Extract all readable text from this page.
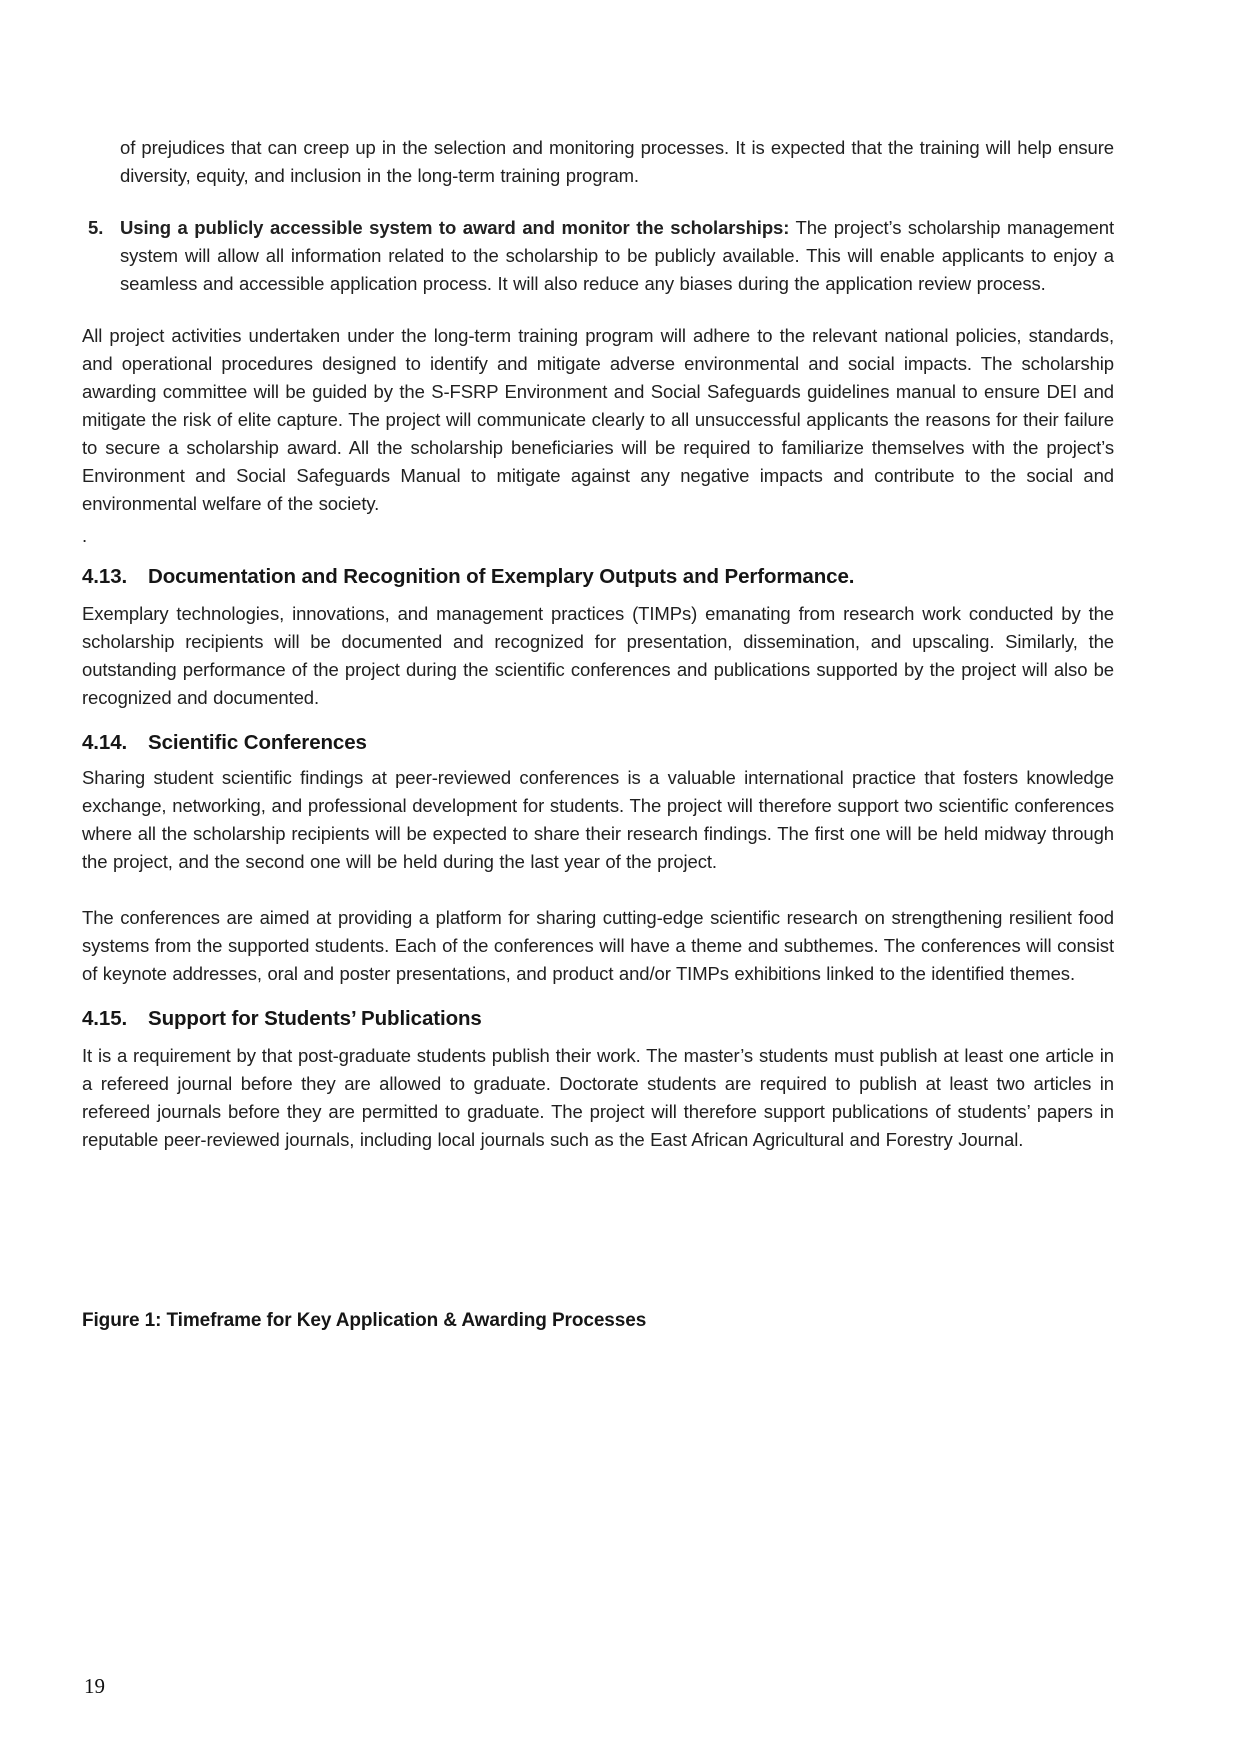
of prejudices that can creep up in the selection and monitoring processes. It is expected that the training will help ensure diversity, equity, and inclusion in the long-term training program.

5. Using a publicly accessible system to award and monitor the scholarships: The project’s scholarship management system will allow all information related to the scholarship to be publicly available. This will enable applicants to enjoy a seamless and accessible application process. It will also reduce any biases during the application review process.

All project activities undertaken under the long-term training program will adhere to the relevant national policies, standards, and operational procedures designed to identify and mitigate adverse environmental and social impacts. The scholarship awarding committee will be guided by the S-FSRP Environment and Social Safeguards guidelines manual to ensure DEI and mitigate the risk of elite capture. The project will communicate clearly to all unsuccessful applicants the reasons for their failure to secure a scholarship award. All the scholarship beneficiaries will be required to familiarize themselves with the project’s Environment and Social Safeguards Manual to mitigate against any negative impacts and contribute to the social and environmental welfare of the society.

.

4.13.	Documentation and Recognition of Exemplary Outputs and Performance.

Exemplary technologies, innovations, and management practices (TIMPs) emanating from research work conducted by the scholarship recipients will be documented and recognized for presentation, dissemination, and upscaling. Similarly, the outstanding performance of the project during the scientific conferences and publications supported by the project will also be recognized and documented.

4.14.	Scientific Conferences

Sharing student scientific findings at peer-reviewed conferences is a valuable international practice that fosters knowledge exchange, networking, and professional development for students. The project will therefore support two scientific conferences where all the scholarship recipients will be expected to share their research findings. The first one will be held midway through the project, and the second one will be held during the last year of the project.

The conferences are aimed at providing a platform for sharing cutting-edge scientific research on strengthening resilient food systems from the supported students. Each of the conferences will have a theme and subthemes. The conferences will consist of keynote addresses, oral and poster presentations, and product and/or TIMPs exhibitions linked to the identified themes.

4.15.	Support for Students’ Publications

It is a requirement by that post-graduate students publish their work. The master’s students must publish at least one article in a refereed journal before they are allowed to graduate. Doctorate students are required to publish at least two articles in refereed journals before they are permitted to graduate. The project will therefore support publications of students’ papers in reputable peer-reviewed journals, including local journals such as the East African Agricultural and Forestry Journal.

Figure 1: Timeframe for Key Application & Awarding Processes

19
